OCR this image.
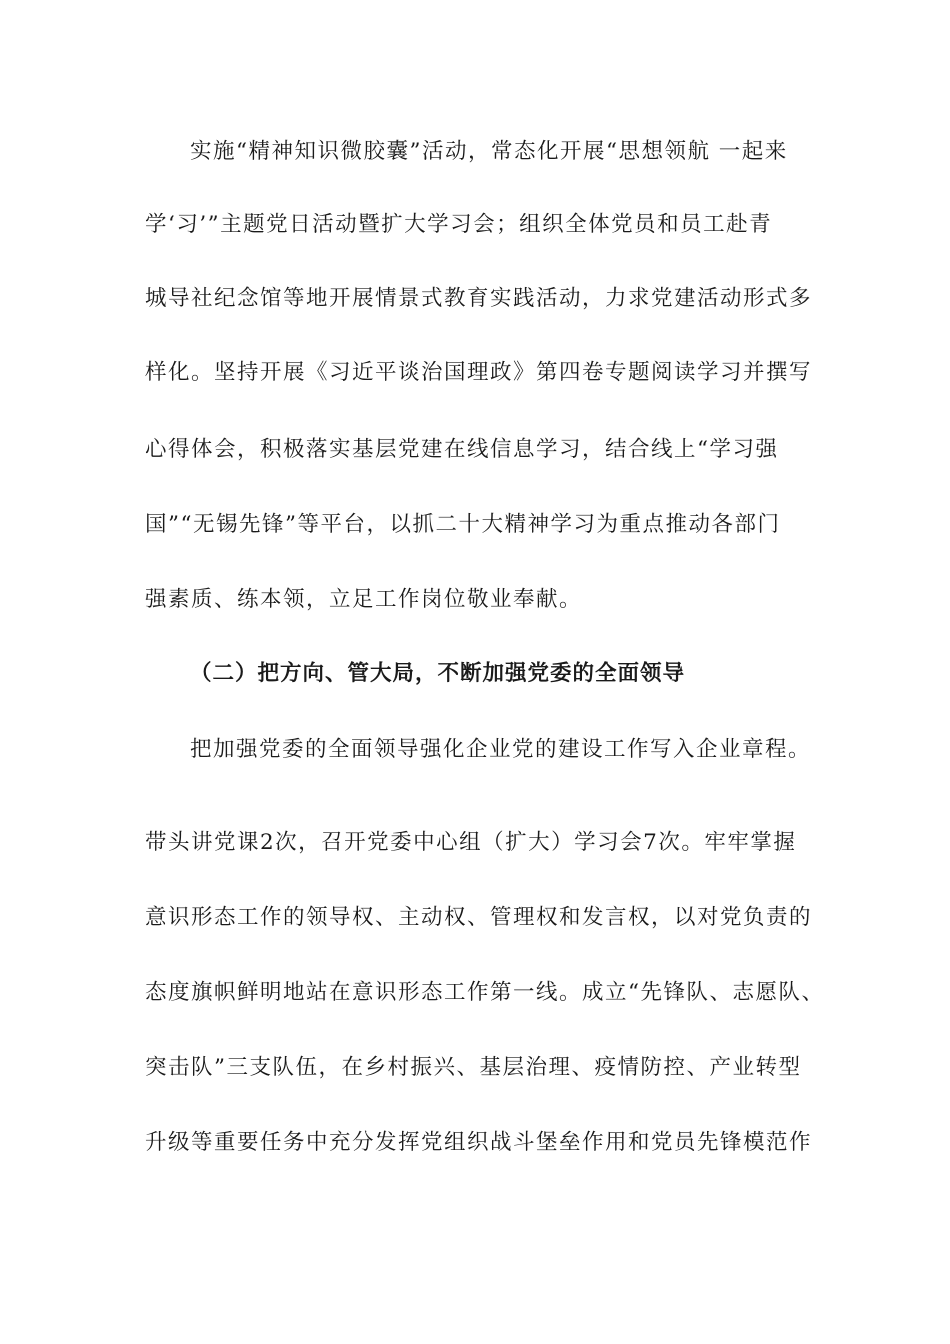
实施“精神知识微胶囊”活动，常态化开展“思想领航 一起来
学‘习’”主题党日活动暨扩大学习会；组织全体党员和员工赴青
城导社纪念馆等地开展情景式教育实践活动，力求党建活动形式多
样化。坚持开展《习近平谈治国理政》第四卷专题阅读学习并撰写
心得体会，积极落实基层党建在线信息学习，结合线上“学习强
国”“无锡先锋”等平台，以抓二十大精神学习为重点推动各部门
强素质、练本领，立足工作岗位敬业奉献。
（二）把方向、管大局，不断加强党委的全面领导
把加强党委的全面领导强化企业党的建设工作写入企业章程。
带头讲党课2次，召开党委中心组（扩大）学习会7次。牢牢掌握
意识形态工作的领导权、主动权、管理权和发言权，以对党负责的
态度旗帜鲜明地站在意识形态工作第一线。成立“先锋队、志愿队、
突击队”三支队伍，在乡村振兴、基层治理、疫情防控、产业转型
升级等重要任务中充分发挥党组织战斗堡垒作用和党员先锋模范作
